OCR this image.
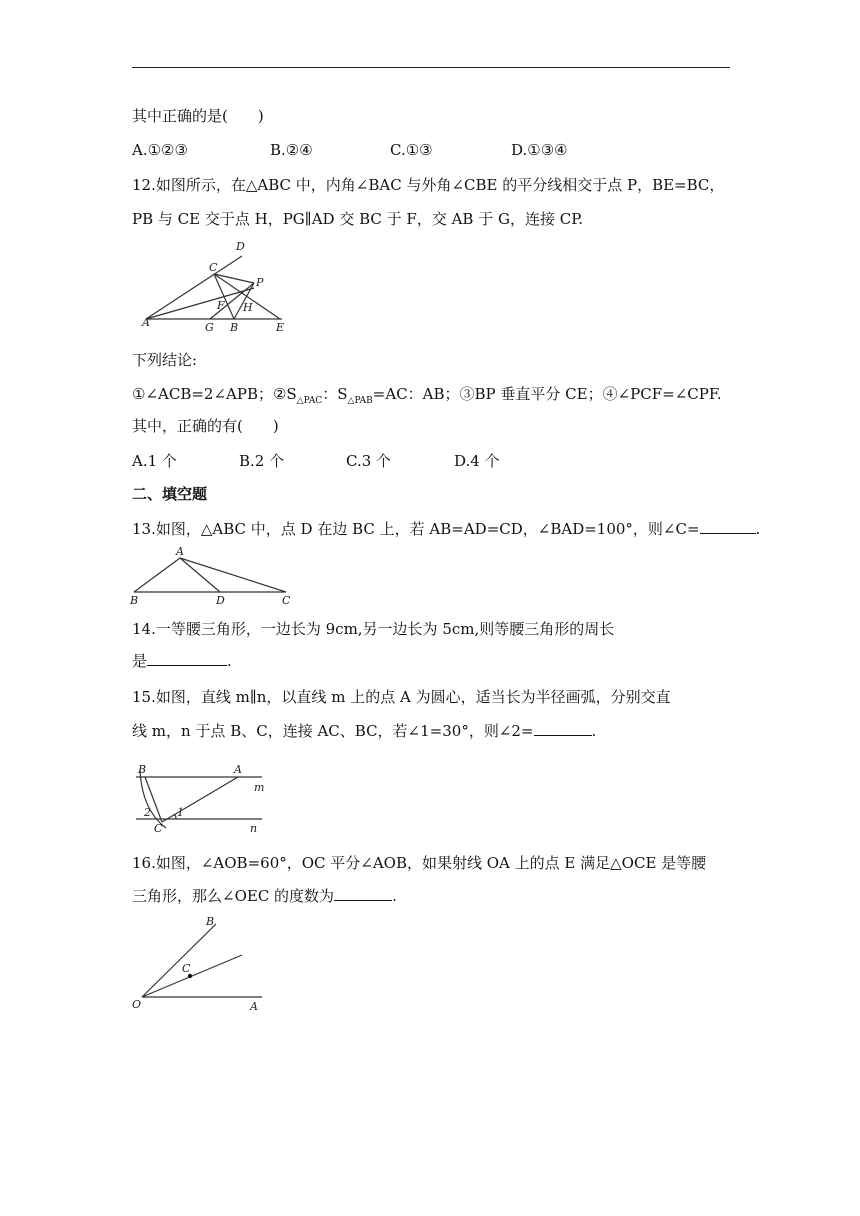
其中正确的是(　　)
A.①②③	B.②④	C.①③	D.①③④
12.如图所示，在△ABC 中，内角∠BAC 与外角∠CBE 的平分线相交于点 P，BE=BC，
PB 与 CE 交于点 H，PG∥AD 交 BC 于 F，交 AB 于 G，连接 CP.
D
C
P
F H
A	G B	E
下列结论:
①∠ACB=2∠APB；$②S_{\triangle PAC}$：$S_{\triangle PAB}=AC$：AB；③BP 垂直平分 CE；④∠PCF=∠CPF.
其中，正确的有(　　)
A.1 个	B.2 个	C.3 个	D.4 个
二、填空题
13.如图，△ABC 中，点 D 在边 BC 上，若 AB=AD=CD，∠BAD=100°，则∠C=	.
A
B	D	C
14.一等腰三角形，一边长为 9cm,另一边长为 5cm,则等腰三角形的周长
是	.
15.如图，直线 m∥n，以直线 m 上的点 A 为圆心，适当长为半径画弧，分别交直
线 m，n 于点 B、C，连接 AC、BC，若∠1=30°，则∠2=	.
B	A
m
2 1
C	n
16.如图，∠AOB=60°，OC 平分∠AOB，如果射线 OA 上的点 E 满足△OCE 是等腰
三角形，那么∠OEC 的度数为	.
B
C
O	A
